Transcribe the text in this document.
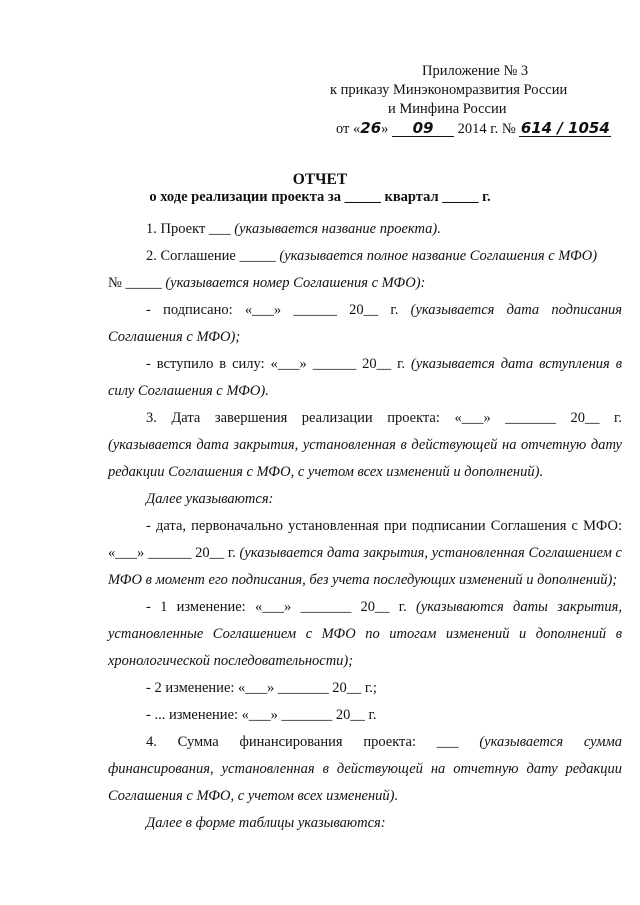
Приложение № 3
к приказу Минэкономразвития России
и Минфина России
от «26» 09 2014 г. № 614 / 1054
ОТЧЕТ
о ходе реализации проекта за _____ квартал _____ г.

1. Проект ___ (указывается название проекта).

2. Соглашение _____ (указывается полное название Соглашения с МФО)

№ _____ (указывается номер Соглашения с МФО):

- подписано: «___» ______ 20__ г. (указывается дата подписания Соглашения с МФО);

- вступило в силу: «___» ______ 20__ г. (указывается дата вступления в силу Соглашения с МФО).

3. Дата завершения реализации проекта: «___» _______ 20__ г. (указывается дата закрытия, установленная в действующей на отчетную дату редакции Соглашения с МФО, с учетом всех изменений и дополнений).

Далее указываются:

- дата, первоначально установленная при подписании Соглашения с МФО: «___» ______ 20__ г. (указывается дата закрытия, установленная Соглашением с МФО в момент его подписания, без учета последующих изменений и дополнений);

- 1 изменение: «___» _______ 20__ г. (указываются даты закрытия, установленные Соглашением с МФО по итогам изменений и дополнений в хронологической последовательности);

- 2 изменение: «___» _______ 20__ г.;

- ... изменение: «___» _______ 20__ г.

4. Сумма финансирования проекта: ___ (указывается сумма финансирования, установленная в действующей на отчетную дату редакции Соглашения с МФО, с учетом всех изменений).

Далее в форме таблицы указываются:
